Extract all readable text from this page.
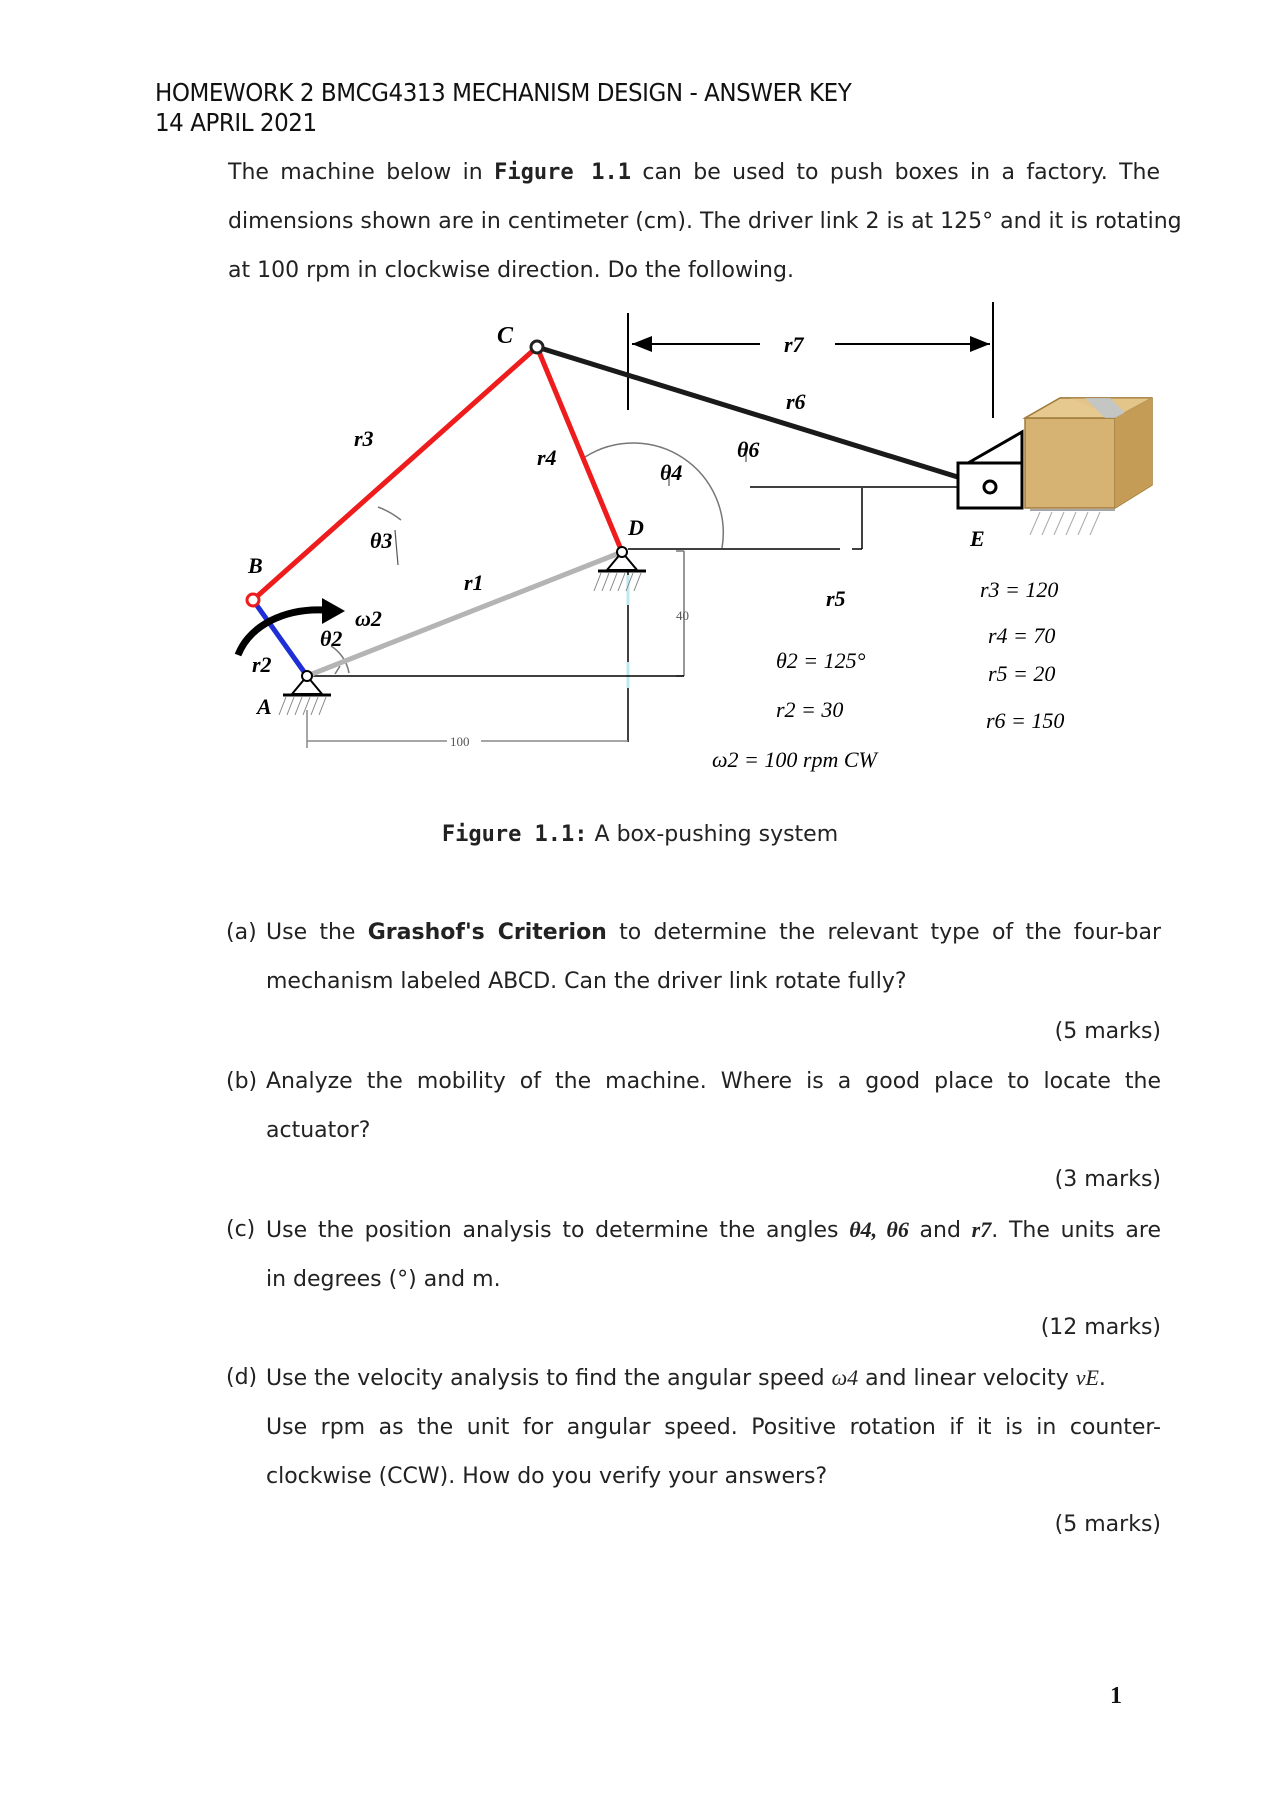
HOMEWORK 2 BMCG4313 MECHANISM DESIGN - ANSWER KEY
14 APRIL 2021
The machine below in Figure 1.1 can be used to push boxes in a factory. The
dimensions shown are in centimeter (cm). The driver link 2 is at 125° and it is rotating
at 100 rpm in clockwise direction. Do the following.
40
100
C
B
A
D	E
r3
r4
r1
r2
r5
r6
r7
θ3
θ4
θ6
θ2
ω2
θ2 = 125°
r2 = 30
ω2 = 100 rpm CW
r3 = 120
r4 = 70
r5 = 20
r6 = 150
Figure 1.1: A box-pushing system
(a) Use the Grashof's Criterion to determine the relevant type of the four-bar
mechanism labeled ABCD. Can the driver link rotate fully?
(5 marks)
(b) Analyze the mobility of the machine. Where is a good place to locate the
actuator?
(3 marks)
(c) Use the position analysis to determine the angles θ4, θ6 and r7. The units are
in degrees (°) and m.
(12 marks)
(d) Use the velocity analysis to find the angular speed ω4 and linear velocity vE.
Use rpm as the unit for angular speed. Positive rotation if it is in counter-
clockwise (CCW). How do you verify your answers?
(5 marks)
1
